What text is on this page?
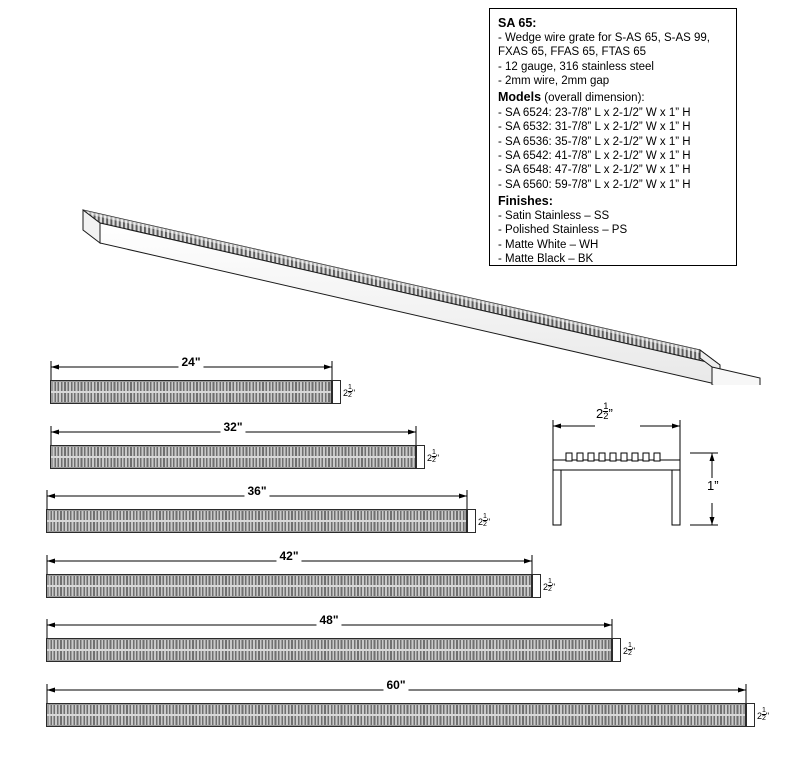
SA 65:
- Wedge wire grate for S-AS 65, S-AS 99,
FXAS 65, FFAS 65, FTAS 65
- 12 gauge, 316 stainless steel
- 2mm wire, 2mm gap
Models (overall dimension):
- SA 6524: 23-7/8” L x 2-1/2” W x 1” H
- SA 6532: 31-7/8” L x 2-1/2” W x 1” H
- SA 6536: 35-7/8” L x 2-1/2” W x 1” H
- SA 6542: 41-7/8” L x 2-1/2” W x 1” H
- SA 6548: 47-7/8” L x 2-1/2” W x 1” H
- SA 6560: 59-7/8” L x 2-1/2” W x 1” H
Finishes:
- Satin Stainless – SS
- Polished Stainless – PS
- Matte White – WH
- Matte Black – BK
24"
$2 \frac{1}{2}$ "
32"
$2 \frac{1}{2}$ "
36"
$2 \frac{1}{2}$ "
42"
$2 \frac{1}{2}$ "
48"
$2 \frac{1}{2}$ "
60"
$2 \frac{1}{2}$ "
$2 \frac{1}{2}$ ”
1”
